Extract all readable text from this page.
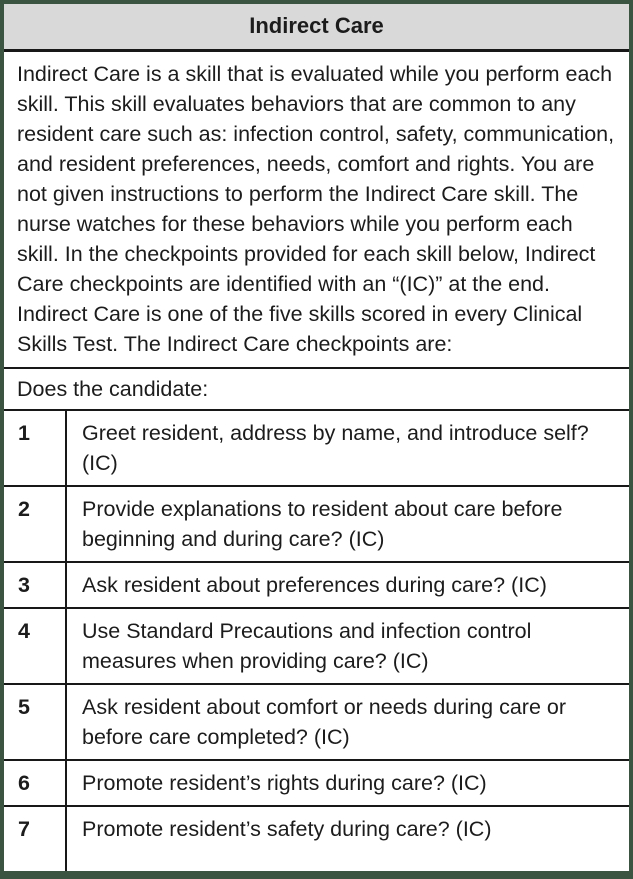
Indirect Care
Indirect Care is a skill that is evaluated while you perform each skill. This skill evaluates behaviors that are common to any resident care such as: infection control, safety, communication, and resident preferences, needs, comfort and rights. You are not given instructions to perform the Indirect Care skill. The nurse watches for these behaviors while you perform each skill. In the checkpoints provided for each skill below, Indirect Care checkpoints are identified with an “(IC)” at the end. Indirect Care is one of the five skills scored in every Clinical Skills Test. The Indirect Care checkpoints are:
Does the candidate:
1	Greet resident, address by name, and introduce self? (IC)
2	Provide explanations to resident about care before beginning and during care? (IC)
3	Ask resident about preferences during care? (IC)
4	Use Standard Precautions and infection control measures when providing care? (IC)
5	Ask resident about comfort or needs during care or before care completed? (IC)
6	Promote resident’s rights during care? (IC)
7	Promote resident’s safety during care? (IC)
